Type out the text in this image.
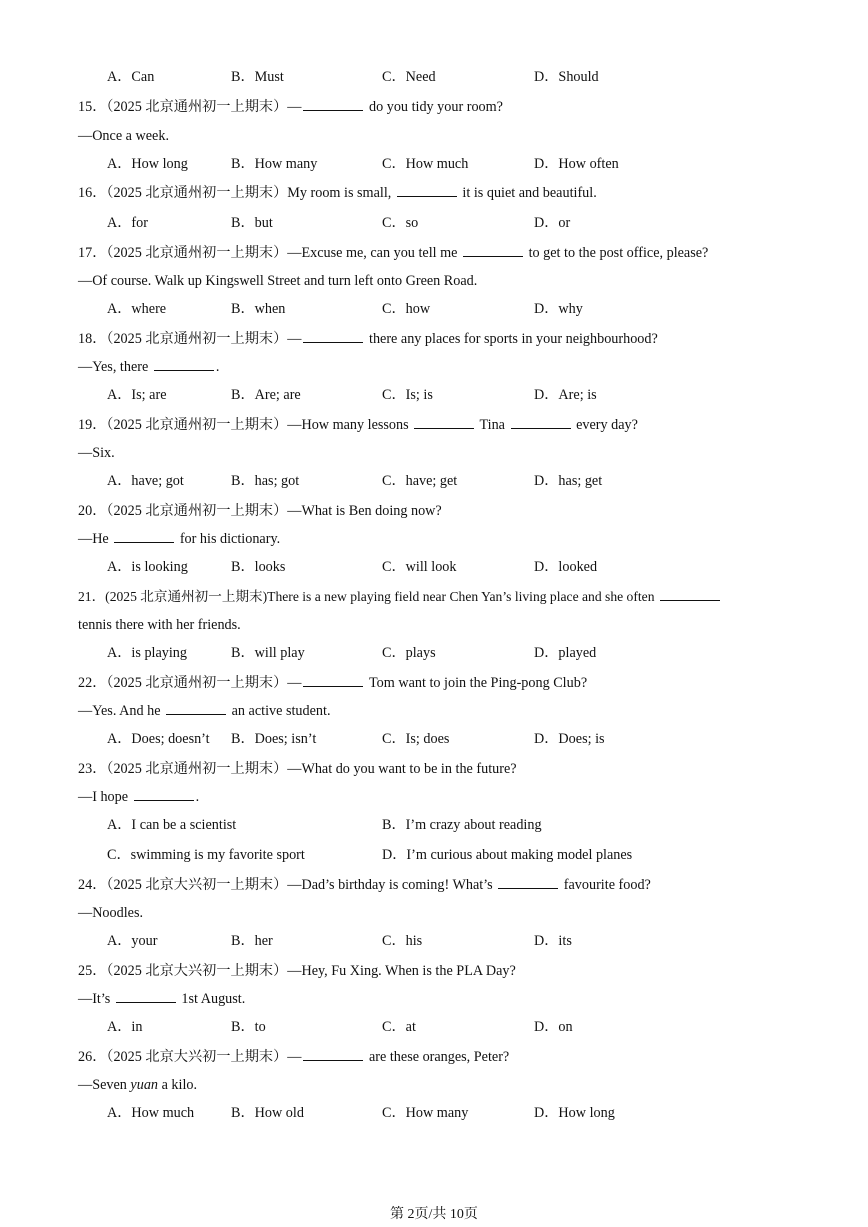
A．Can	B．Must	C．Need	D．Should
15．（2025 北京通州初一上期末）—	do you tidy your room?
—Once a week.
A．How long	B．How many	C．How much	D．How often
16．（2025 北京通州初一上期末）My room is small,	it is quiet and beautiful.
A．for	B．but	C．so	D．or
17．（2025 北京通州初一上期末）—Excuse me, can you tell me	to get to the post office, please?
—Of course. Walk up Kingswell Street and turn left onto Green Road.
A．where	B．when	C．how	D．why
18．（2025 北京通州初一上期末）—	there any places for sports in your neighbourhood?
—Yes, there	.
A．Is; are	B．Are; are	C．Is; is	D．Are; is
19．（2025 北京通州初一上期末）—How many lessons	Tina	every day?
—Six.
A．have; got	B．has; got	C．have; get	D．has; get
20．（2025 北京通州初一上期末）—What is Ben doing now?
—He	for his dictionary.
A．is looking	B．looks	C．will look	D．looked
21．(2025 北京通州初一上期末)There is a new playing field near Chen Yan’s living place and she often
tennis there with her friends.
A．is playing	B．will play	C．plays	D．played
22．（2025 北京通州初一上期末）—	Tom want to join the Ping-pong Club?
—Yes. And he	an active student.
A．Does; doesn’t B．Does; isn’t	C．Is; does	D．Does; is
23．（2025 北京通州初一上期末）—What do you want to be in the future?
—I hope	.
A．I can be a scientist	B．I’m crazy about reading
C．swimming is my favorite sport	D．I’m curious about making model planes
24．（2025 北京大兴初一上期末）—Dad’s birthday is coming! What’s	favourite food?
—Noodles.
A．your	B．her	C．his	D．its
25．（2025 北京大兴初一上期末）—Hey, Fu Xing. When is the PLA Day?
—It’s	1st August.
A．in	B．to	C．at	D．on
26．（2025 北京大兴初一上期末）—	are these oranges, Peter?
—Seven yuan a kilo.
A．How much	B．How old	C．How many	D．How long
第 2页/共 10页
